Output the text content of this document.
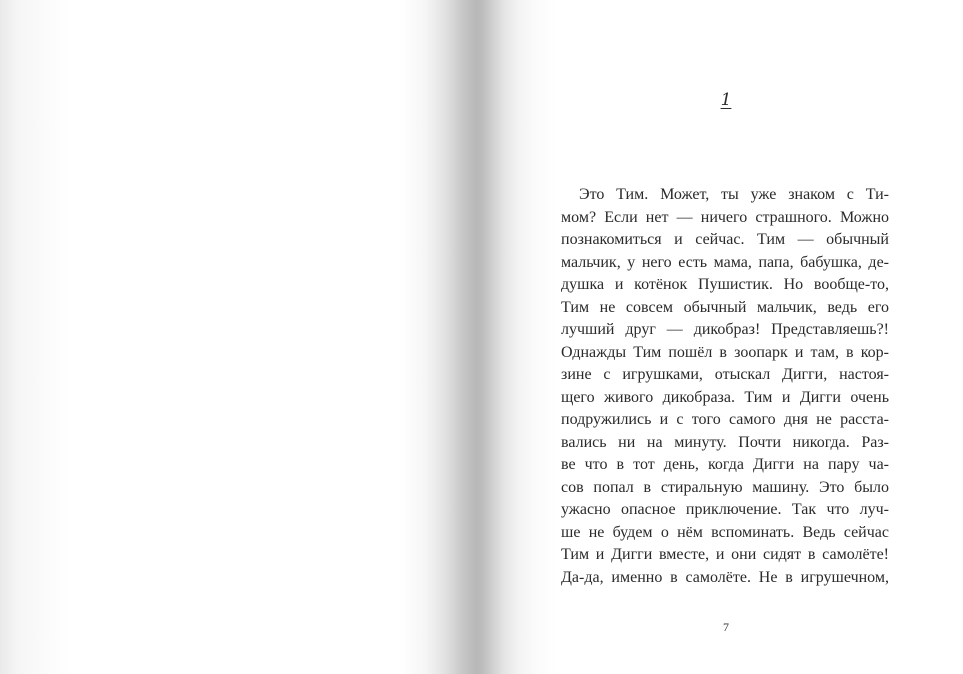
1
Это Тим. Может, ты уже знаком с Ти-
мом? Если нет — ничего страшного. Можно
познакомиться и сейчас. Тим — обычный
мальчик, у него есть мама, папа, бабушка, де-
душка и котёнок Пушистик. Но вообще-то,
Тим не совсем обычный мальчик, ведь его
лучший друг — дикобраз! Представляешь?!
Однажды Тим пошёл в зоопарк и там, в кор-
зине с игрушками, отыскал Дигги, настоя-
щего живого дикобраза. Тим и Дигги очень
подружились и с того самого дня не расста-
вались ни на минуту. Почти никогда. Раз-
ве что в тот день, когда Дигги на пару ча-
сов попал в стиральную машину. Это было
ужасно опасное приключение. Так что луч-
ше не будем о нём вспоминать. Ведь сейчас
Тим и Дигги вместе, и они сидят в самолёте!
Да-да, именно в самолёте. Не в игрушечном,
7
